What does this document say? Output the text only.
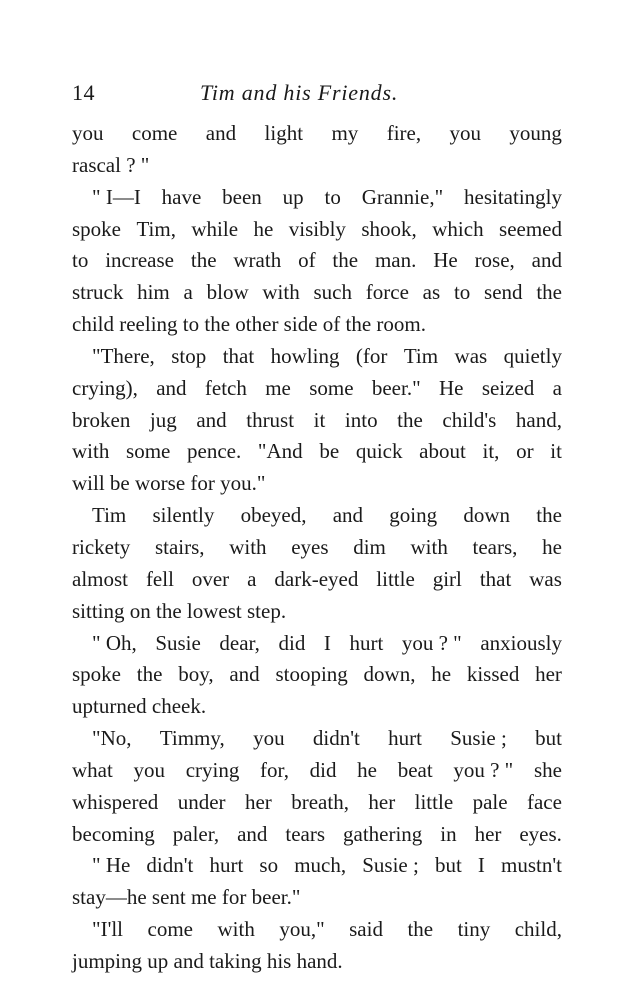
14	Tim and his Friends.
you come and light my fire, you young
rascal ? "
" I—I have been up to Grannie," hesitatingly
spoke Tim, while he visibly shook, which seemed
to increase the wrath of the man. He rose, and
struck him a blow with such force as to send the
child reeling to the other side of the room.
"There, stop that howling (for Tim was quietly
crying), and fetch me some beer." He seized a
broken jug and thrust it into the child's hand,
with some pence. "And be quick about it, or it
will be worse for you."
Tim silently obeyed, and going down the
rickety stairs, with eyes dim with tears, he
almost fell over a dark-eyed little girl that was
sitting on the lowest step.
" Oh, Susie dear, did I hurt you ? " anxiously
spoke the boy, and stooping down, he kissed her
upturned cheek.
"No, Timmy, you didn't hurt Susie ; but
what you crying for, did he beat you ? " she
whispered under her breath, her little pale face
becoming paler, and tears gathering in her eyes.
" He didn't hurt so much, Susie ; but I mustn't
stay—he sent me for beer."
"I'll come with you," said the tiny child,
jumping up and taking his hand.
